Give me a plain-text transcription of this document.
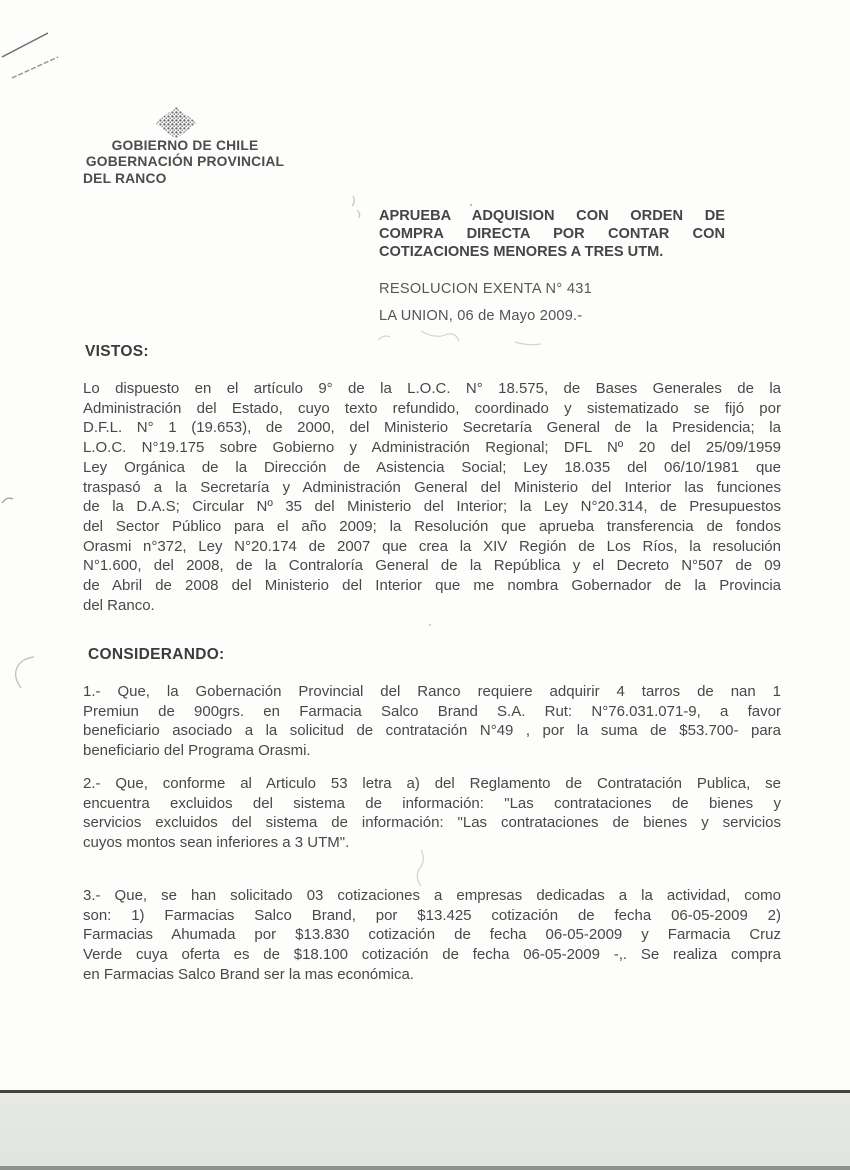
GOBIERNO DE CHILE
GOBERNACIÓN PROVINCIAL
DEL RANCO
APRUEBA ADQUISION CON ORDEN DE
COMPRA DIRECTA POR CONTAR CON
COTIZACIONES MENORES A TRES UTM.
RESOLUCION EXENTA N° 431
LA UNION, 06 de Mayo 2009.-
VISTOS:
Lo dispuesto en el artículo 9° de la L.O.C. N° 18.575, de Bases Generales de la
Administración del Estado, cuyo texto refundido, coordinado y sistematizado se fijó por
D.F.L. N° 1 (19.653), de 2000, del Ministerio Secretaría General de la Presidencia; la
L.O.C. N°19.175 sobre Gobierno y Administración Regional; DFL Nº 20 del 25/09/1959
Ley Orgánica de la Dirección de Asistencia Social; Ley 18.035 del 06/10/1981 que
traspasó a la Secretaría y Administración General del Ministerio del Interior las funciones
de la D.A.S; Circular Nº 35 del Ministerio del Interior; la Ley N°20.314, de Presupuestos
del Sector Público para el año 2009; la Resolución que aprueba transferencia de fondos
Orasmi n°372, Ley N°20.174 de 2007 que crea la XIV Región de Los Ríos, la resolución
N°1.600, del 2008, de la Contraloría General de la República y el Decreto N°507 de 09
de Abril de 2008 del Ministerio del Interior que me nombra Gobernador de la Provincia
del Ranco.
CONSIDERANDO:
1.- Que, la Gobernación Provincial del Ranco requiere adquirir 4 tarros de nan 1
Premiun de 900grs. en Farmacia Salco Brand S.A. Rut: N°76.031.071-9, a favor
beneficiario asociado a la solicitud de contratación N°49 , por la suma de $53.700- para
beneficiario del Programa Orasmi.
2.- Que, conforme al Articulo 53 letra a) del Reglamento de Contratación Publica, se
encuentra excluidos del sistema de información: "Las contrataciones de bienes y
servicios excluidos del sistema de información: "Las contrataciones de bienes y servicios
cuyos montos sean inferiores a 3 UTM".
3.- Que, se han solicitado 03 cotizaciones a empresas dedicadas a la actividad, como
son: 1) Farmacias Salco Brand, por $13.425 cotización de fecha 06-05-2009 2)
Farmacias Ahumada por $13.830 cotización de fecha 06-05-2009 y Farmacia Cruz
Verde cuya oferta es de $18.100 cotización de fecha 06-05-2009 -,. Se realiza compra
en Farmacias Salco Brand ser la mas económica.
